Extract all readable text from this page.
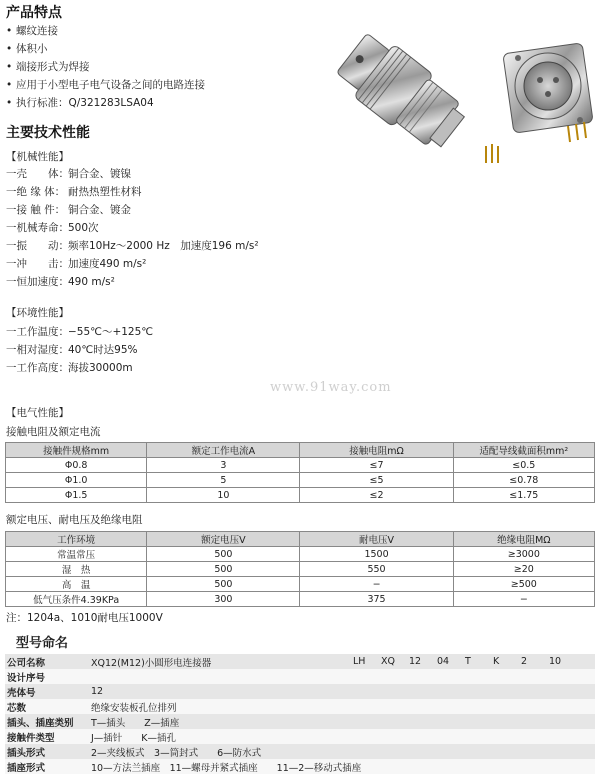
产品特点
• 螺纹连接
• 体积小
• 端接形式为焊接
• 应用于小型电子电气设备之间的电路连接
• 执行标准：Q/321283LSA04
主要技术性能
【机械性能】
一壳　　体：铜合金、镀镍
一绝 缘 体： 耐热热塑性材料
一接 触 件： 铜合金、镀金
一机械寿命：500次
一振　　动：频率10Hz～2000 Hz　加速度196 m/s²
一冲　　击：加速度490 m/s²
一恒加速度：490 m/s²
【环境性能】
一工作温度：−55℃～+125℃
一相对湿度：40℃时达95%
一工作高度：海拔30000m
www.91way.com
【电气性能】
接触电阻及额定电流
接触件规格mm	额定工作电流A	接触电阻mΩ	适配导线截面积mm²
Φ0.8	3	≤7	≤0.5
Φ1.0	5	≤5	≤0.78
Φ1.5	10	≤2	≤1.75
额定电压、耐电压及绝缘电阻
工作环境	额定电压V	耐电压V	绝缘电阻MΩ
常温常压	500	1500	≥3000
湿　热	500	550	≥20
高　温	500	−	≥500
低气压条件4.39KPa	300	375	−
注：1204a、1010耐电压1000V
型号命名
公司名称	XQ12(M12)小圆形电连接器	LH	XQ	12	04	T	K	2	10
设计序号									
壳体号	12								
芯数	绝缘安装板孔位排列								
插头、插座类别	T—插头　　Z—插座								
接触件类型	J—插针　　K—插孔								
插头形式	2—夹线板式　3—筒封式　　6—防水式								
插座形式	10—方法兰插座　11—螺母并紧式插座　　11—2—移动式插座								
